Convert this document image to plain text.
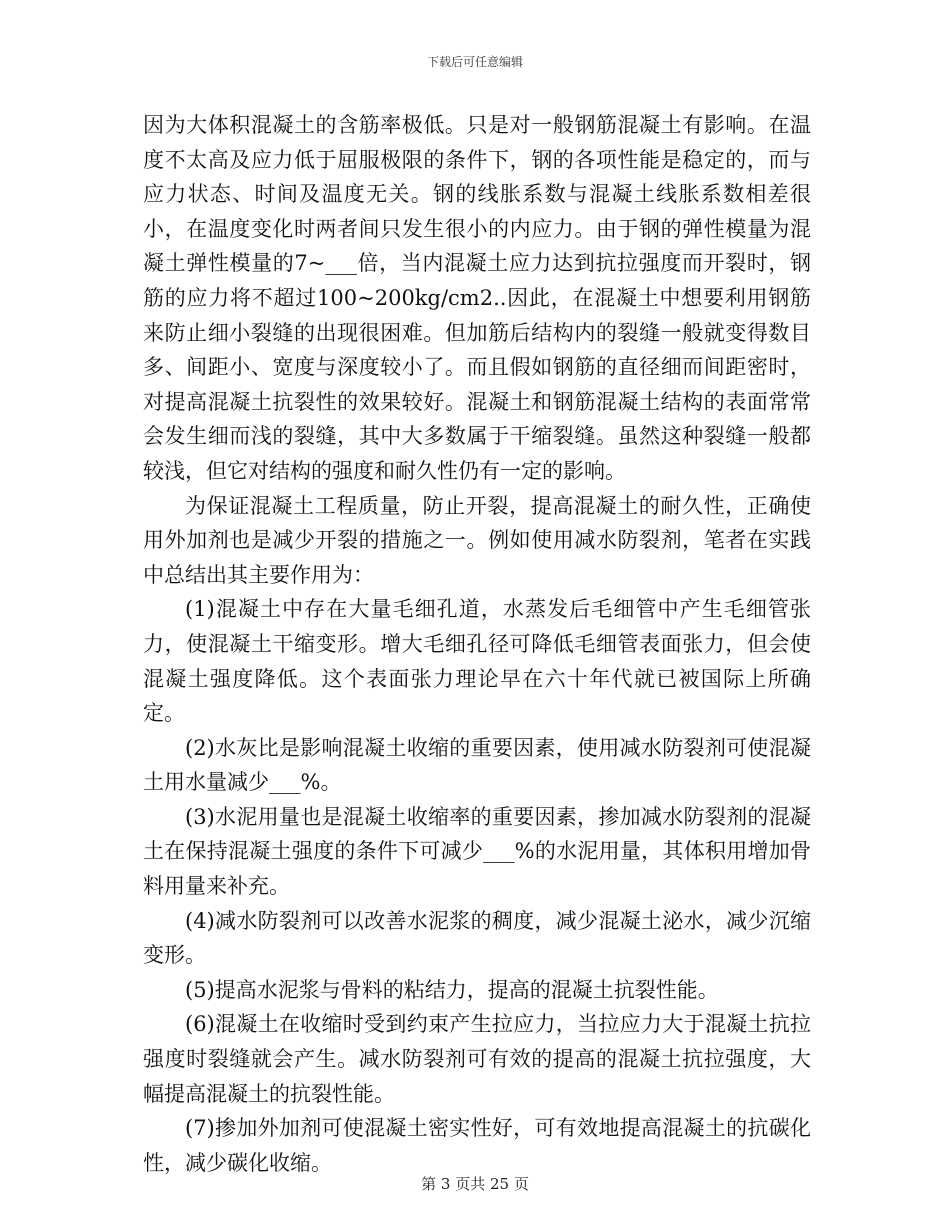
下载后可任意编辑

因为大体积混凝土的含筋率极低。只是对一般钢筋混凝土有影响。在温度不太高及应力低于屈服极限的条件下，钢的各项性能是稳定的，而与应力状态、时间及温度无关。钢的线胀系数与混凝土线胀系数相差很小，在温度变化时两者间只发生很小的内应力。由于钢的弹性模量为混凝土弹性模量的7~___倍，当内混凝土应力达到抗拉强度而开裂时，钢筋的应力将不超过100~200kg/cm2..因此，在混凝土中想要利用钢筋来防止细小裂缝的出现很困难。但加筋后结构内的裂缝一般就变得数目多、间距小、宽度与深度较小了。而且假如钢筋的直径细而间距密时，对提高混凝土抗裂性的效果较好。混凝土和钢筋混凝土结构的表面常常会发生细而浅的裂缝，其中大多数属于干缩裂缝。虽然这种裂缝一般都较浅，但它对结构的强度和耐久性仍有一定的影响。

为保证混凝土工程质量，防止开裂，提高混凝土的耐久性，正确使用外加剂也是减少开裂的措施之一。例如使用减水防裂剂，笔者在实践中总结出其主要作用为：

(1)混凝土中存在大量毛细孔道，水蒸发后毛细管中产生毛细管张力，使混凝土干缩变形。增大毛细孔径可降低毛细管表面张力，但会使混凝土强度降低。这个表面张力理论早在六十年代就已被国际上所确定。

(2)水灰比是影响混凝土收缩的重要因素，使用减水防裂剂可使混凝土用水量减少___%。

(3)水泥用量也是混凝土收缩率的重要因素，掺加减水防裂剂的混凝土在保持混凝土强度的条件下可减少___%的水泥用量，其体积用增加骨料用量来补充。

(4)减水防裂剂可以改善水泥浆的稠度，减少混凝土泌水，减少沉缩变形。

(5)提高水泥浆与骨料的粘结力，提高的混凝土抗裂性能。

(6)混凝土在收缩时受到约束产生拉应力，当拉应力大于混凝土抗拉强度时裂缝就会产生。减水防裂剂可有效的提高的混凝土抗拉强度，大幅提高混凝土的抗裂性能。

(7)掺加外加剂可使混凝土密实性好，可有效地提高混凝土的抗碳化性，减少碳化收缩。

第 3 页共 25 页
